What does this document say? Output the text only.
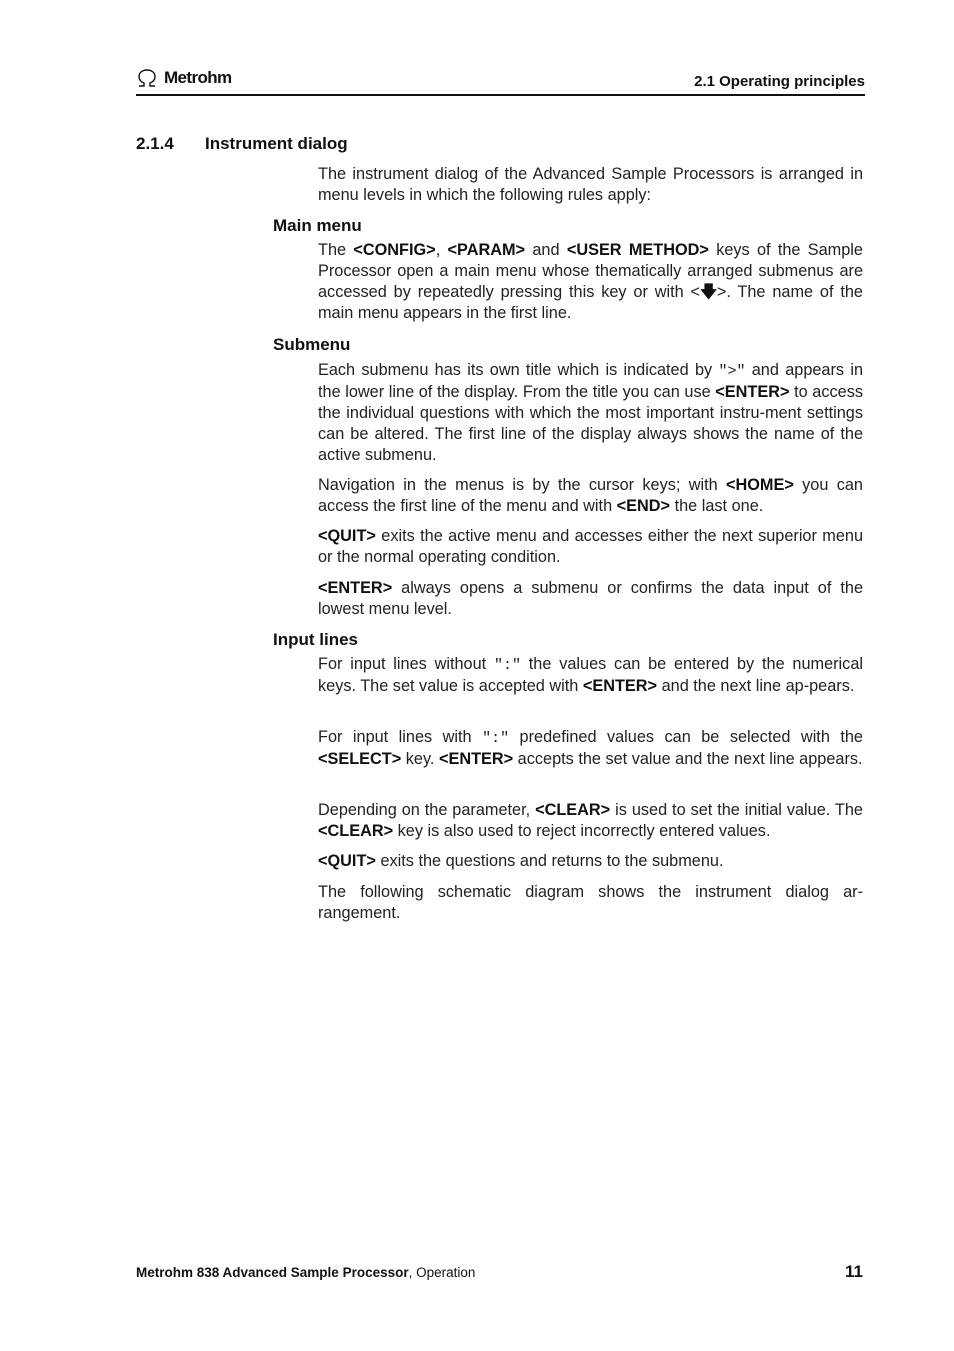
Metrohm	2.1 Operating principles
2.1.4 Instrument dialog

The instrument dialog of the Advanced Sample Processors is arranged in menu levels in which the following rules apply:

Main menu

The <CONFIG>, <PARAM> and <USER METHOD> keys of the Sample Processor open a main menu whose thematically arranged submenus are accessed by repeatedly pressing this key or with <🡇>. The name of the main menu appears in the first line.

Submenu

Each submenu has its own title which is indicated by ">" and appears in the lower line of the display. From the title you can use <ENTER> to access the individual questions with which the most important instru-ment settings can be altered. The first line of the display always shows the name of the active submenu.

Navigation in the menus is by the cursor keys; with <HOME> you can access the first line of the menu and with <END> the last one.

<QUIT> exits the active menu and accesses either the next superior menu or the normal operating condition.

<ENTER> always opens a submenu or confirms the data input of the lowest menu level.

Input lines

For input lines without ":" the values can be entered by the numerical keys. The set value is accepted with <ENTER> and the next line ap-pears.

For input lines with ":" predefined values can be selected with the <SELECT> key. <ENTER> accepts the set value and the next line appears.

Depending on the parameter, <CLEAR> is used to set the initial value. The <CLEAR> key is also used to reject incorrectly entered values.

<QUIT> exits the questions and returns to the submenu.

The following schematic diagram shows the instrument dialog ar-rangement.

Metrohm 838 Advanced Sample Processor, Operation	11
